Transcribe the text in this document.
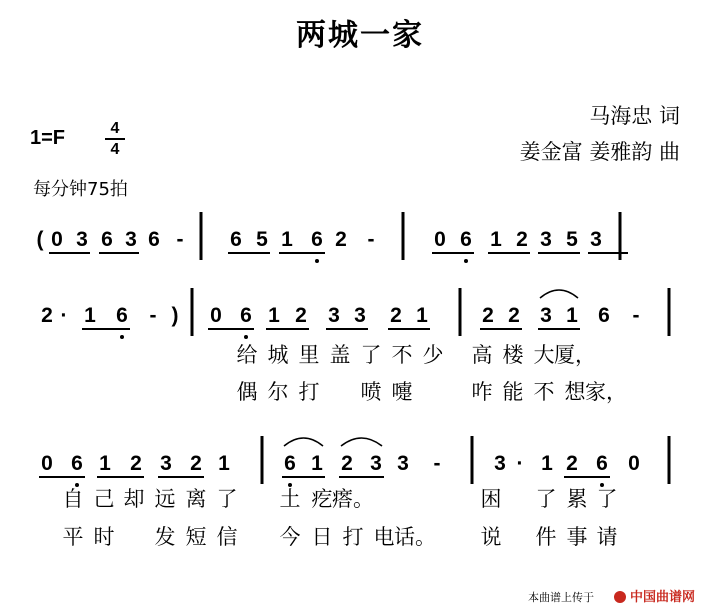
两城一家
马海忠 词
姜金富 姜雅韵 曲
1=F	4
4
每分钟75拍
( 0 3 6 3 6 - 6 5 1 6 2 -	0 6 1 2 3 5 3
2 · 1 6 - ) 0 6 1 2 3 3 2 1	2 2 3 1 6 -
给 城 里 盖 了 不 少 高 楼 大 厦，
偶 尔 打 喷 嚏	咋 能 不 想 家，
0 6 1 2 3 2 1	6 1 2 3 3 -	3 · 1 2 6 0
自 己 却 远 离 了 土 疙 瘩。	困 了 累 了
平 时 发 短 信 今 日 打 电 话。 说 件 事 请
本曲谱上传于	中国曲谱网
